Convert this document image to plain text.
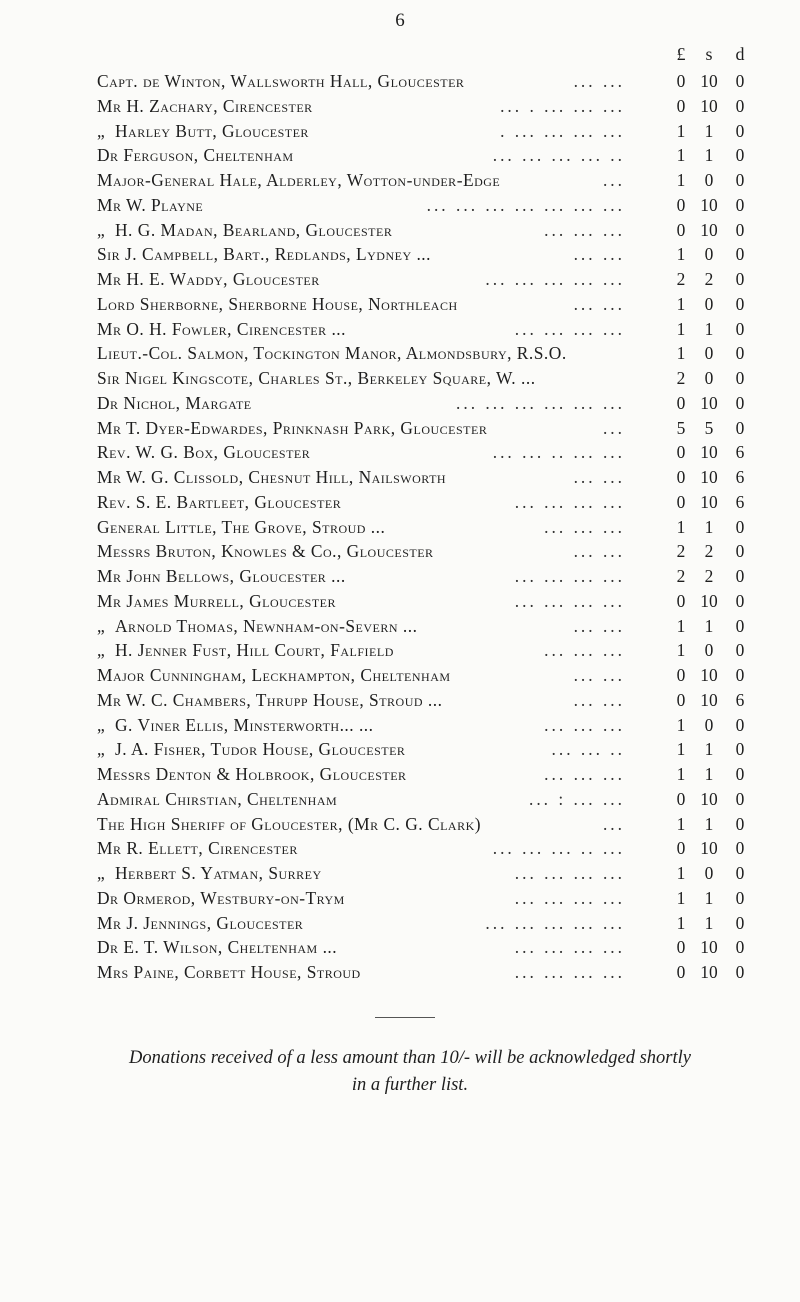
6
£	s	d
Capt. de Winton, Wallsworth Hall, Gloucester	... ...	0 10	0
Mr H. Zachary, Cirencester	... . ... ... ...	0 10	0
„ Harley Butt, Gloucester	. ... ... ... ...	1	1	0
Dr Ferguson, Cheltenham	... ... ... ... ..	1	1	0
Major-General Hale, Alderley, Wotton-under-Edge	...	1	0	0
Mr W. Playne	... ... ... ... ... ... ...	0 10	0
„ H. G. Madan, Bearland, Gloucester	... ... ...	0 10	0
Sir J. Campbell, Bart., Redlands, Lydney ...	... ...	1	0	0
Mr H. E. Waddy, Gloucester	... ... ... ... ...	2	2	0
Lord Sherborne, Sherborne House, Northleach	... ...	1	0	0
Mr O. H. Fowler, Cirencester ...	... ... ... ...	1	1	0
Lieut.-Col. Salmon, Tockington Manor, Almondsbury, R.S.O.	1	0	0
Sir Nigel Kingscote, Charles St., Berkeley Square, W. ...	2	0	0
Dr Nichol, Margate	... ... ... ... ... ...	0 10	0
Mr T. Dyer-Edwardes, Prinknash Park, Gloucester	...	5	5	0
Rev. W. G. Box, Gloucester	... ... .. ... ...	0 10	6
Mr W. G. Clissold, Chesnut Hill, Nailsworth	... ...	0 10	6
Rev. S. E. Bartleet, Gloucester	... ... ... ...	0 10	6
General Little, The Grove, Stroud ...	... ... ...	1	1	0
Messrs Bruton, Knowles & Co., Gloucester	... ...	2	2	0
Mr John Bellows, Gloucester ...	... ... ... ...	2	2	0
Mr James Murrell, Gloucester	... ... ... ...	0 10	0
„ Arnold Thomas, Newnham-on-Severn ...	... ...	1	1	0
„ H. Jenner Fust, Hill Court, Falfield	... ... ...	1	0	0
Major Cunningham, Leckhampton, Cheltenham	... ...	0 10	0
Mr W. C. Chambers, Thrupp House, Stroud ...	... ...	0 10	6
„ G. Viner Ellis, Minsterworth... ...	... ... ...	1	0	0
„ J. A. Fisher, Tudor House, Gloucester	... ... ..	1	1	0
Messrs Denton & Holbrook, Gloucester	... ... ...	1	1	0
Admiral Chirstian, Cheltenham	... : ... ...	0 10	0
The High Sheriff of Gloucester, (Mr C. G. Clark)	...	1	1	0
Mr R. Ellett, Cirencester	... ... ... .. ...	0 10	0
„ Herbert S. Yatman, Surrey	... ... ... ...	1	0	0
Dr Ormerod, Westbury-on-Trym	... ... ... ...	1	1	0
Mr J. Jennings, Gloucester	... ... ... ... ...	1	1	0
Dr E. T. Wilson, Cheltenham ...	... ... ... ...	0 10	0
Mrs Paine, Corbett House, Stroud	... ... ... ...	0 10	0
Donations received of a less amount than 10/- will be acknowledged shortly
in a further list.
